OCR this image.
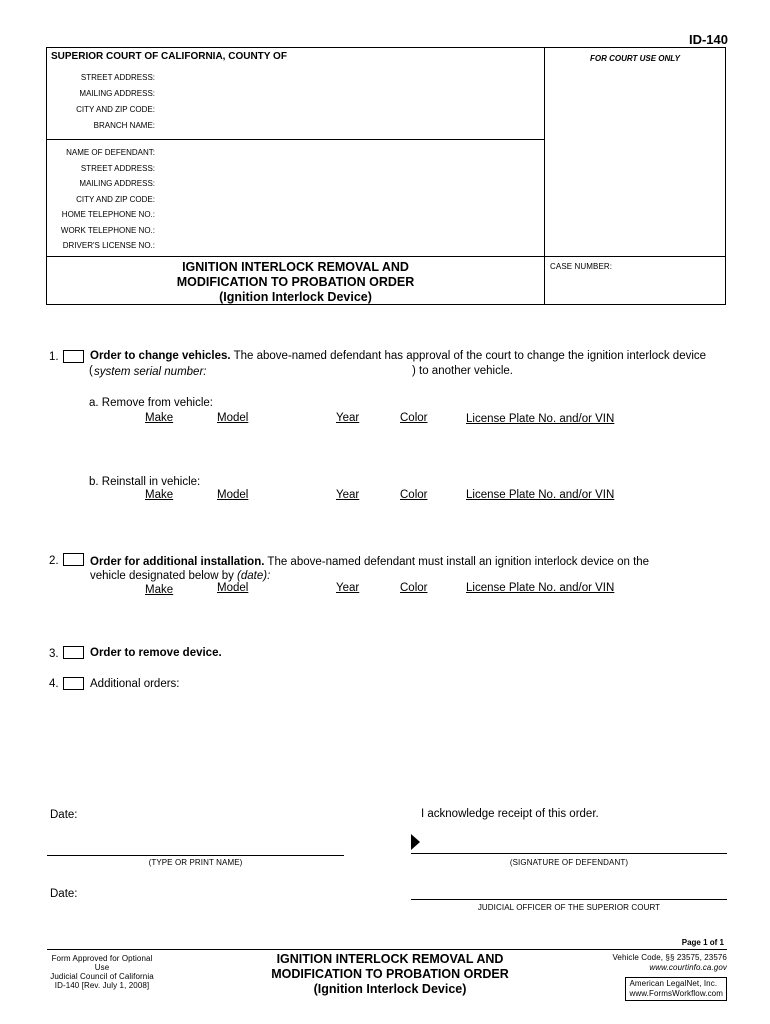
ID-140
SUPERIOR COURT OF CALIFORNIA, COUNTY OF	FOR COURT USE ONLY
STREET ADDRESS:
MAILING ADDRESS:
CITY AND ZIP CODE:
BRANCH NAME:
NAME OF DEFENDANT:
STREET ADDRESS:
MAILING ADDRESS:
CITY AND ZIP CODE:
HOME TELEPHONE NO.:
WORK TELEPHONE NO.:
DRIVER'S LICENSE NO.:
IGNITION INTERLOCK REMOVAL AND
MODIFICATION TO PROBATION ORDER
(Ignition Interlock Device)
CASE NUMBER:
1.	Order to change vehicles. The above-named defendant has approval of the court to change the ignition interlock device
( system serial number:	) to another vehicle.
a. Remove from vehicle:
Make	Model	Year	Color	License Plate No. and/or VIN
b. Reinstall in vehicle:
Make	Model	Year	Color	License Plate No. and/or VIN
2.	Order for additional installation. The above-named defendant must install an ignition interlock device on the
vehicle designated below by (date):
Make	Model	Year	Color	License Plate No. and/or VIN
3.	Order to remove device.
4.	Additional orders:
Date:	I acknowledge receipt of this order.
(TYPE OR PRINT NAME)	(SIGNATURE OF DEFENDANT)
Date:
JUDICIAL OFFICER OF THE SUPERIOR COURT
Page 1 of 1
Form Approved for Optional Use
Judicial Council of California
ID-140 [Rev. July 1, 2008]
IGNITION INTERLOCK REMOVAL AND
MODIFICATION TO PROBATION ORDER
(Ignition Interlock Device)
Vehicle Code, §§ 23575, 23576
www.courtinfo.ca.gov
American LegalNet, Inc.
www.FormsWorkflow.com
